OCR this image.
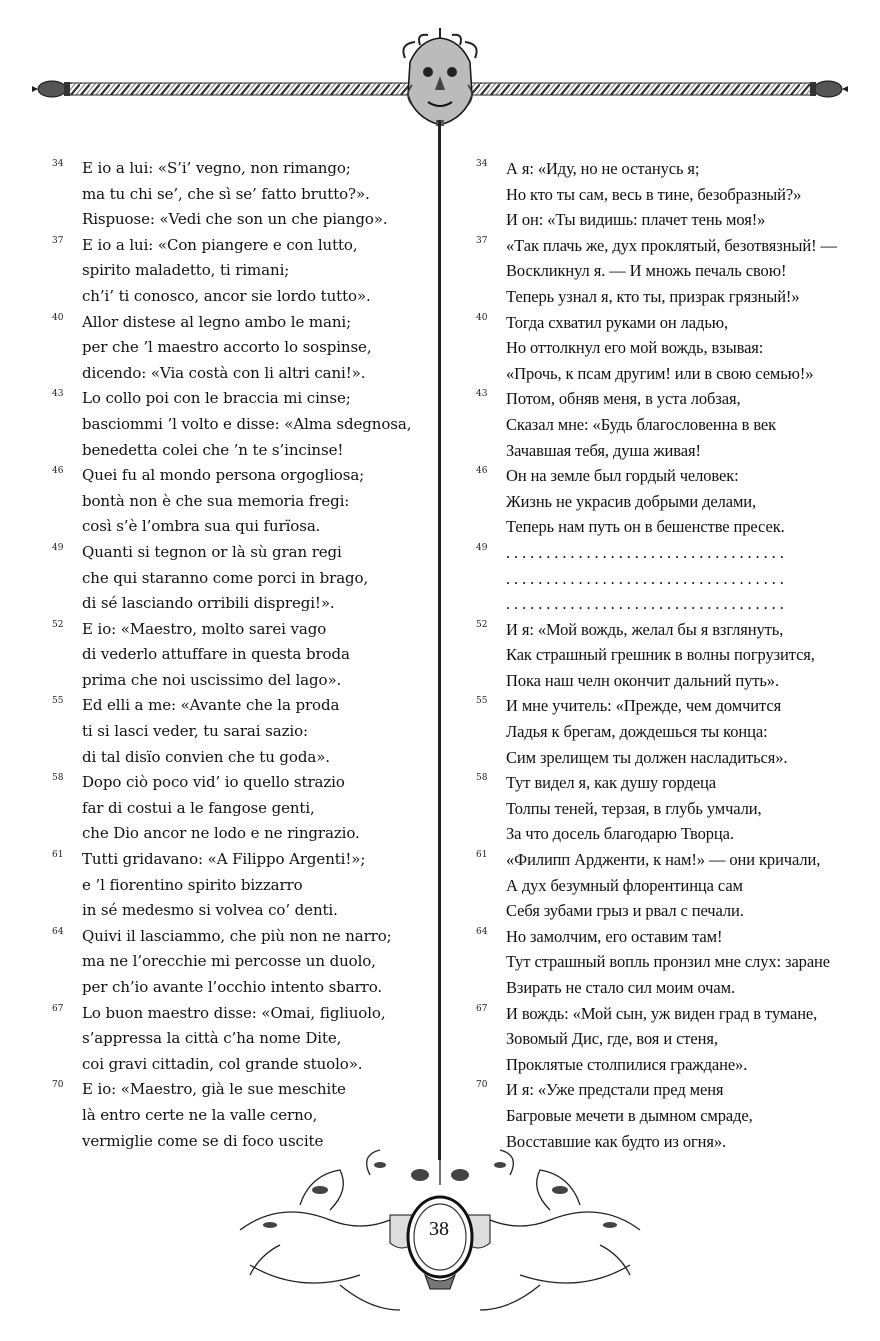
34	E io a lui: «S’i’ vegno, non rimango;
ma tu chi se’, che sì se’ fatto brutto?».
Rispuose: «Vedi che son un che piango».
37	E io a lui: «Con piangere e con lutto,
spirito maladetto, ti rimani;
ch’i’ ti conosco, ancor sie lordo tutto».
40	Allor distese al legno ambo le mani;
per che ’l maestro accorto lo sospinse,
dicendo: «Via costà con li altri cani!».
43	Lo collo poi con le braccia mi cinse;
basciommi ’l volto e disse: «Alma sdegnosa,
benedetta colei che ’n te s’incinse!
46	Quei fu al mondo persona orgogliosa;
bontà non è che sua memoria fregi:
così s’è l’ombra sua qui furïosa.
49	Quanti si tegnon or là sù gran regi
che qui staranno come porci in brago,
di sé lasciando orribili dispregi!».
52	E io: «Maestro, molto sarei vago
di vederlo attuffare in questa broda
prima che noi uscissimo del lago».
55	Ed elli a me: «Avante che la proda
ti si lasci veder, tu sarai sazio:
di tal disïo convien che tu goda».
58	Dopo ciò poco vid’ io quello strazio
far di costui a le fangose genti,
che Dio ancor ne lodo e ne ringrazio.
61	Tutti gridavano: «A Filippo Argenti!»;
e ’l fiorentino spirito bizzarro
in sé medesmo si volvea co’ denti.
64	Quivi il lasciammo, che più non ne narro;
ma ne l’orecchie mi percosse un duolo,
per ch’io avante l’occhio intento sbarro.
67	Lo buon maestro disse: «Omai, figliuolo,
s’appressa la città c’ha nome Dite,
coi gravi cittadin, col grande stuolo».
70	E io: «Maestro, già le sue meschite
là entro certe ne la valle cerno,
vermiglie come se di foco uscite
34	А я: «Иду, но не останусь я;
Но кто ты сам, весь в тине, безобразный?»
И он: «Ты видишь: плачет тень моя!»
37	«Так плачь же, дух проклятый, безотвязный! —
Воскликнул я. — И множь печаль свою!
Теперь узнал я, кто ты, призрак грязный!»
40	Тогда схватил руками он ладью,
Но оттолкнул его мой вождь, взывая:
«Прочь, к псам другим! или в свою семью!»
43	Потом, обняв меня, в уста лобзая,
Сказал мне: «Будь благословенна в век
Зачавшая тебя, душа живая!
46	Он на земле был гордый человек:
Жизнь не украсив добрыми делами,
Теперь нам путь он в бешенстве пресек.
49	. . . . . . . . . . . . . . . . . . . . . . . . . . . . . . . . . . .
. . . . . . . . . . . . . . . . . . . . . . . . . . . . . . . . . . .
. . . . . . . . . . . . . . . . . . . . . . . . . . . . . . . . . . .
52	И я: «Мой вождь, желал бы я взглянуть,
Как страшный грешник в волны погрузится,
Пока наш челн окончит дальний путь».
55	И мне учитель: «Прежде, чем домчится
Ладья к брегам, дождешься ты конца:
Сим зрелищем ты должен насладиться».
58	Тут видел я, как душу гордеца
Толпы теней, терзая, в глубь умчали,
За что досель благодарю Творца.
61	«Филипп Ардженти, к нам!» — они кричали,
А дух безумный флорентинца сам
Себя зубами грыз и рвал с печали.
64	Но замолчим, его оставим там!
Тут страшный вопль пронзил мне слух: заране
Взирать не стало сил моим очам.
67	И вождь: «Мой сын, уж виден град в тумане,
Зовомый Дис, где, воя и стеня,
Проклятые столпилися граждане».
70	И я: «Уже предстали пред меня
Багровые мечети в дымном смраде,
Восставшие как будто из огня».
38
